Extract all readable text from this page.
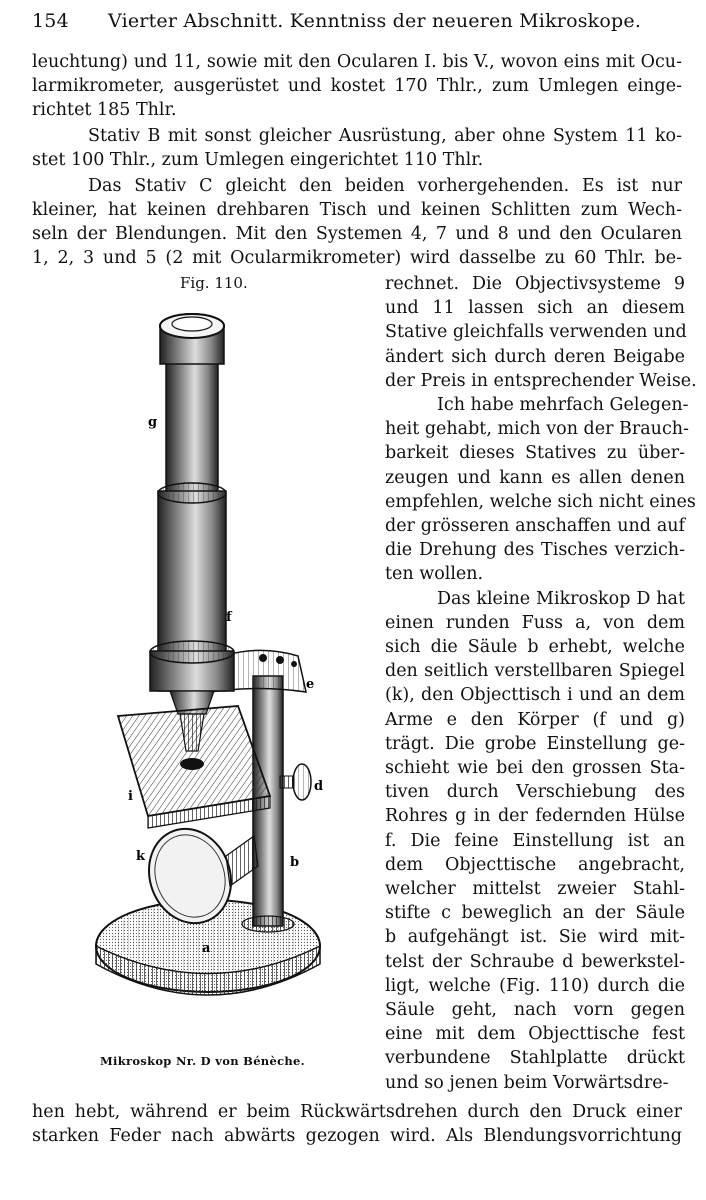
154 Vierter Abschnitt. Kenntniss der neueren Mikroskope.
leuchtung) und 11, sowie mit den Ocularen I. bis V., wovon eins mit Ocu-
larmikrometer, ausgerüstet und kostet 170 Thlr., zum Umlegen einge-
richtet 185 Thlr.
Stativ B mit sonst gleicher Ausrüstung, aber ohne System 11 ko-
stet 100 Thlr., zum Umlegen eingerichtet 110 Thlr.
Das Stativ C gleicht den beiden vorhergehenden. Es ist nur
kleiner, hat keinen drehbaren Tisch und keinen Schlitten zum Wech-
seln der Blendungen. Mit den Systemen 4, 7 und 8 und den Ocularen
1, 2, 3 und 5 (2 mit Ocularmikrometer) wird dasselbe zu 60 Thlr. be-
Fig. 110.	rechnet. Die Objectivsysteme 9
und 11 lassen sich an diesem
Stative gleichfalls verwenden und
ändert sich durch deren Beigabe
der Preis in entsprechender Weise.
Ich habe mehrfach Gelegen-
heit gehabt, mich von der Brauch-
barkeit dieses Statives zu über-
zeugen und kann es allen denen
empfehlen, welche sich nicht eines
der grösseren anschaffen und auf
die Drehung des Tisches verzich-
ten wollen.
Das kleine Mikroskop D hat
einen runden Fuss a, von dem
sich die Säule b erhebt, welche
den seitlich verstellbaren Spiegel
(k), den Objecttisch i und an dem
Arme e den Körper (f und g)
trägt. Die grobe Einstellung ge-
schieht wie bei den grossen Sta-
tiven durch Verschiebung des
Rohres g in der federnden Hülse
f. Die feine Einstellung ist an
dem Objecttische angebracht,
welcher mittelst zweier Stahl-
stifte c beweglich an der Säule
b aufgehängt ist. Sie wird mit-
telst der Schraube d bewerkstel-
ligt, welche (Fig. 110) durch die
Säule geht, nach vorn gegen
eine mit dem Objecttische fest
verbundene Stahlplatte drückt
und so jenen beim Vorwärtsdre-
g
f
e
d
i
k	b
a
Mikroskop Nr. D von Bénèche.
hen hebt, während er beim Rückwärtsdrehen durch den Druck einer
starken Feder nach abwärts gezogen wird. Als Blendungsvorrichtung
